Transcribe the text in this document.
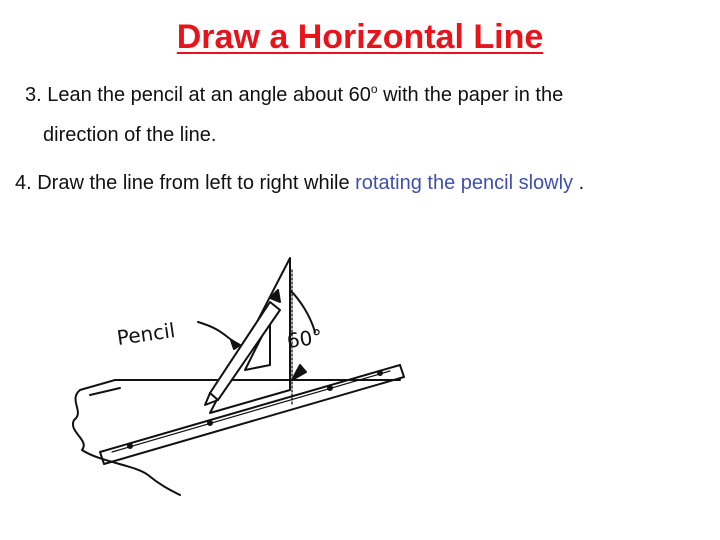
Draw a Horizontal Line
3. Lean the pencil at an angle about 60$^o$ with the paper in the
direction of the line.
4. Draw the line from left to right while rotating the pencil slowly .
Pencil	60°
